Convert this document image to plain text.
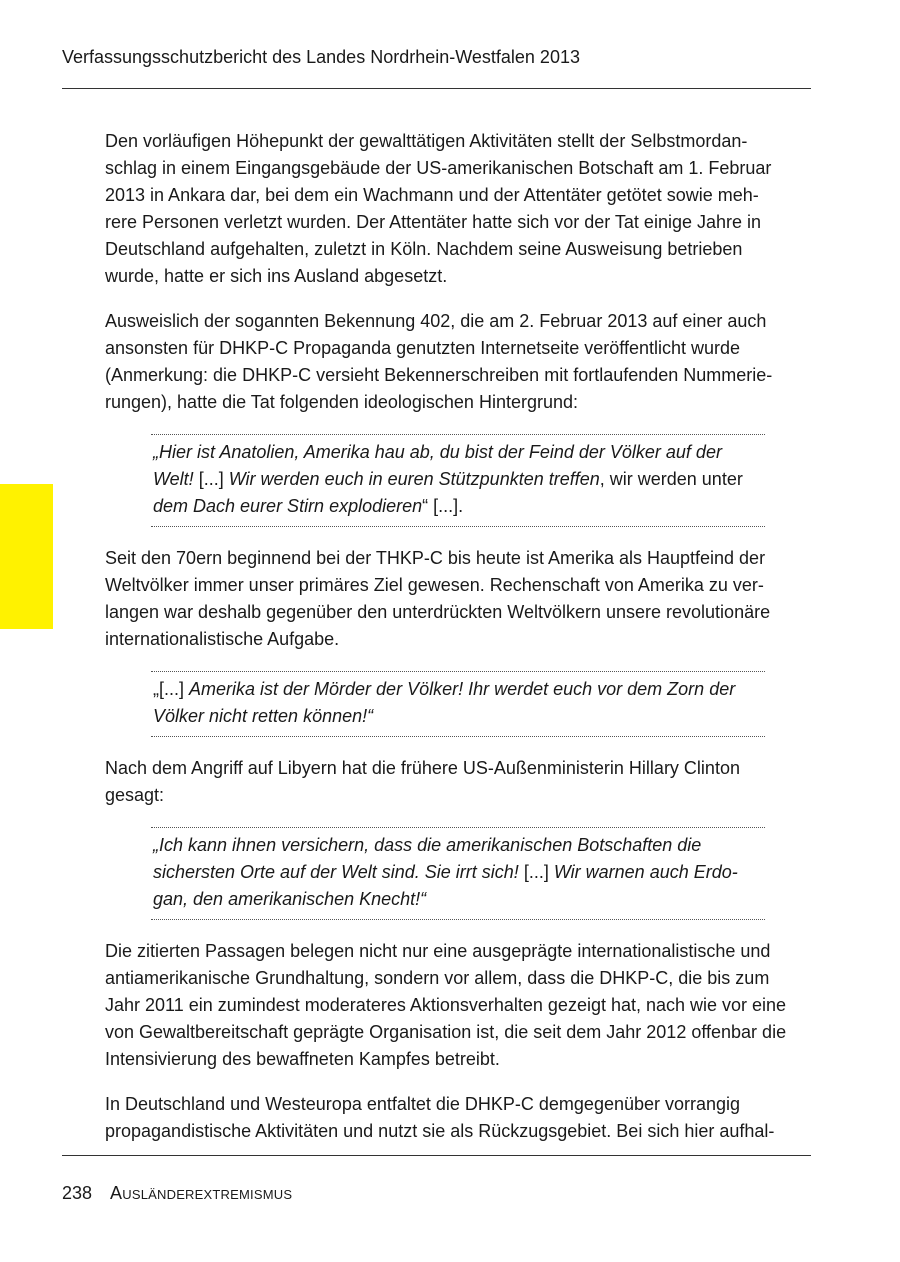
Verfassungsschutzbericht des Landes Nordrhein-Westfalen 2013
Den vorläufigen Höhepunkt der gewalttätigen Aktivitäten stellt der Selbstmordan-
schlag in einem Eingangsgebäude der US-amerikanischen Botschaft am 1. Februar
2013 in Ankara dar, bei dem ein Wachmann und der Attentäter getötet sowie meh-
rere Personen verletzt wurden. Der Attentäter hatte sich vor der Tat einige Jahre in
Deutschland aufgehalten, zuletzt in Köln. Nachdem seine Ausweisung betrieben
wurde, hatte er sich ins Ausland abgesetzt.
Ausweislich der sogannten Bekennung 402, die am 2. Februar 2013 auf einer auch
ansonsten für DHKP-C Propaganda genutzten Internetseite veröffentlicht wurde
(Anmerkung: die DHKP-C versieht Bekennerschreiben mit fortlaufenden Nummerie-
rungen), hatte die Tat folgenden ideologischen Hintergrund:
„Hier ist Anatolien, Amerika hau ab, du bist der Feind der Völker auf der
Welt! [...] Wir werden euch in euren Stützpunkten treffen, wir werden unter
dem Dach eurer Stirn explodieren“ [...].
Seit den 70ern beginnend bei der THKP-C bis heute ist Amerika als Hauptfeind der
Weltvölker immer unser primäres Ziel gewesen. Rechenschaft von Amerika zu ver-
langen war deshalb gegenüber den unterdrückten Weltvölkern unsere revolutionäre
internationalistische Aufgabe.
„[...] Amerika ist der Mörder der Völker! Ihr werdet euch vor dem Zorn der
Völker nicht retten können!“
Nach dem Angriff auf Libyern hat die frühere US-Außenministerin Hillary Clinton
gesagt:
„Ich kann ihnen versichern, dass die amerikanischen Botschaften die
sichersten Orte auf der Welt sind. Sie irrt sich! [...] Wir warnen auch Erdo-
gan, den amerikanischen Knecht!“
Die zitierten Passagen belegen nicht nur eine ausgeprägte internationalistische und
antiamerikanische Grundhaltung, sondern vor allem, dass die DHKP-C, die bis zum
Jahr 2011 ein zumindest moderateres Aktionsverhalten gezeigt hat, nach wie vor eine
von Gewaltbereitschaft geprägte Organisation ist, die seit dem Jahr 2012 offenbar die
Intensivierung des bewaffneten Kampfes betreibt.
In Deutschland und Westeuropa entfaltet die DHKP-C demgegenüber vorrangig
propagandistische Aktivitäten und nutzt sie als Rückzugsgebiet. Bei sich hier aufhal-
238 Ausländerextremismus
